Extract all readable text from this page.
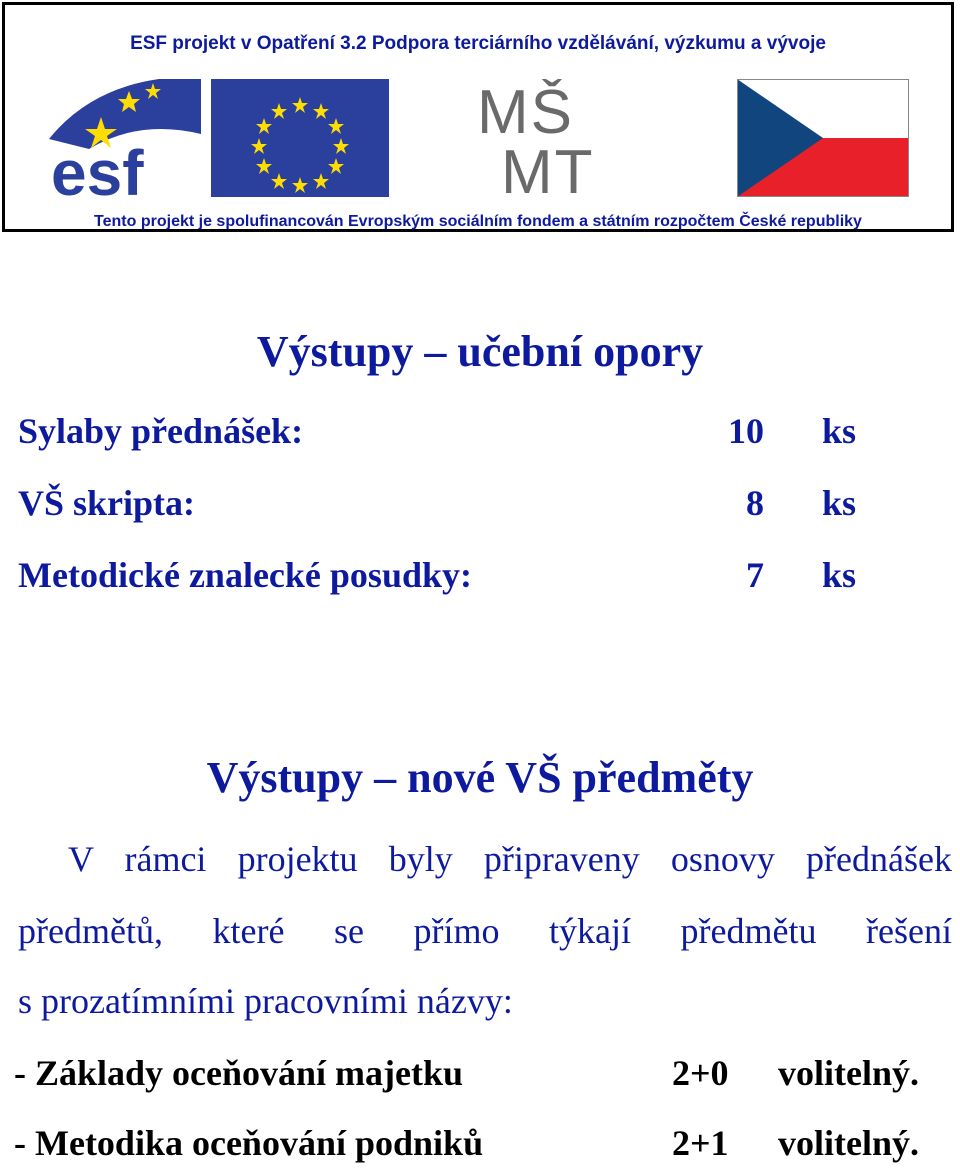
ESF projekt v Opatření 3.2 Podpora terciárního vzdělávání, výzkumu a vývoje
esf
MŠ
MT
Tento projekt je spolufinancován Evropským sociálním fondem a státním rozpočtem České republiky
Výstupy – učební opory
Sylaby přednášek:	10 ks
VŠ skripta:	8 ks
Metodické znalecké posudky:	7 ks
Výstupy – nové VŠ předměty
V rámci projektu byly připraveny osnovy přednášek
předmětů, které se přímo týkají předmětu řešení
s prozatímními pracovními názvy:
- Základy oceňování majetku	2+0 volitelný.
- Metodika oceňování podniků	2+1 volitelný.
